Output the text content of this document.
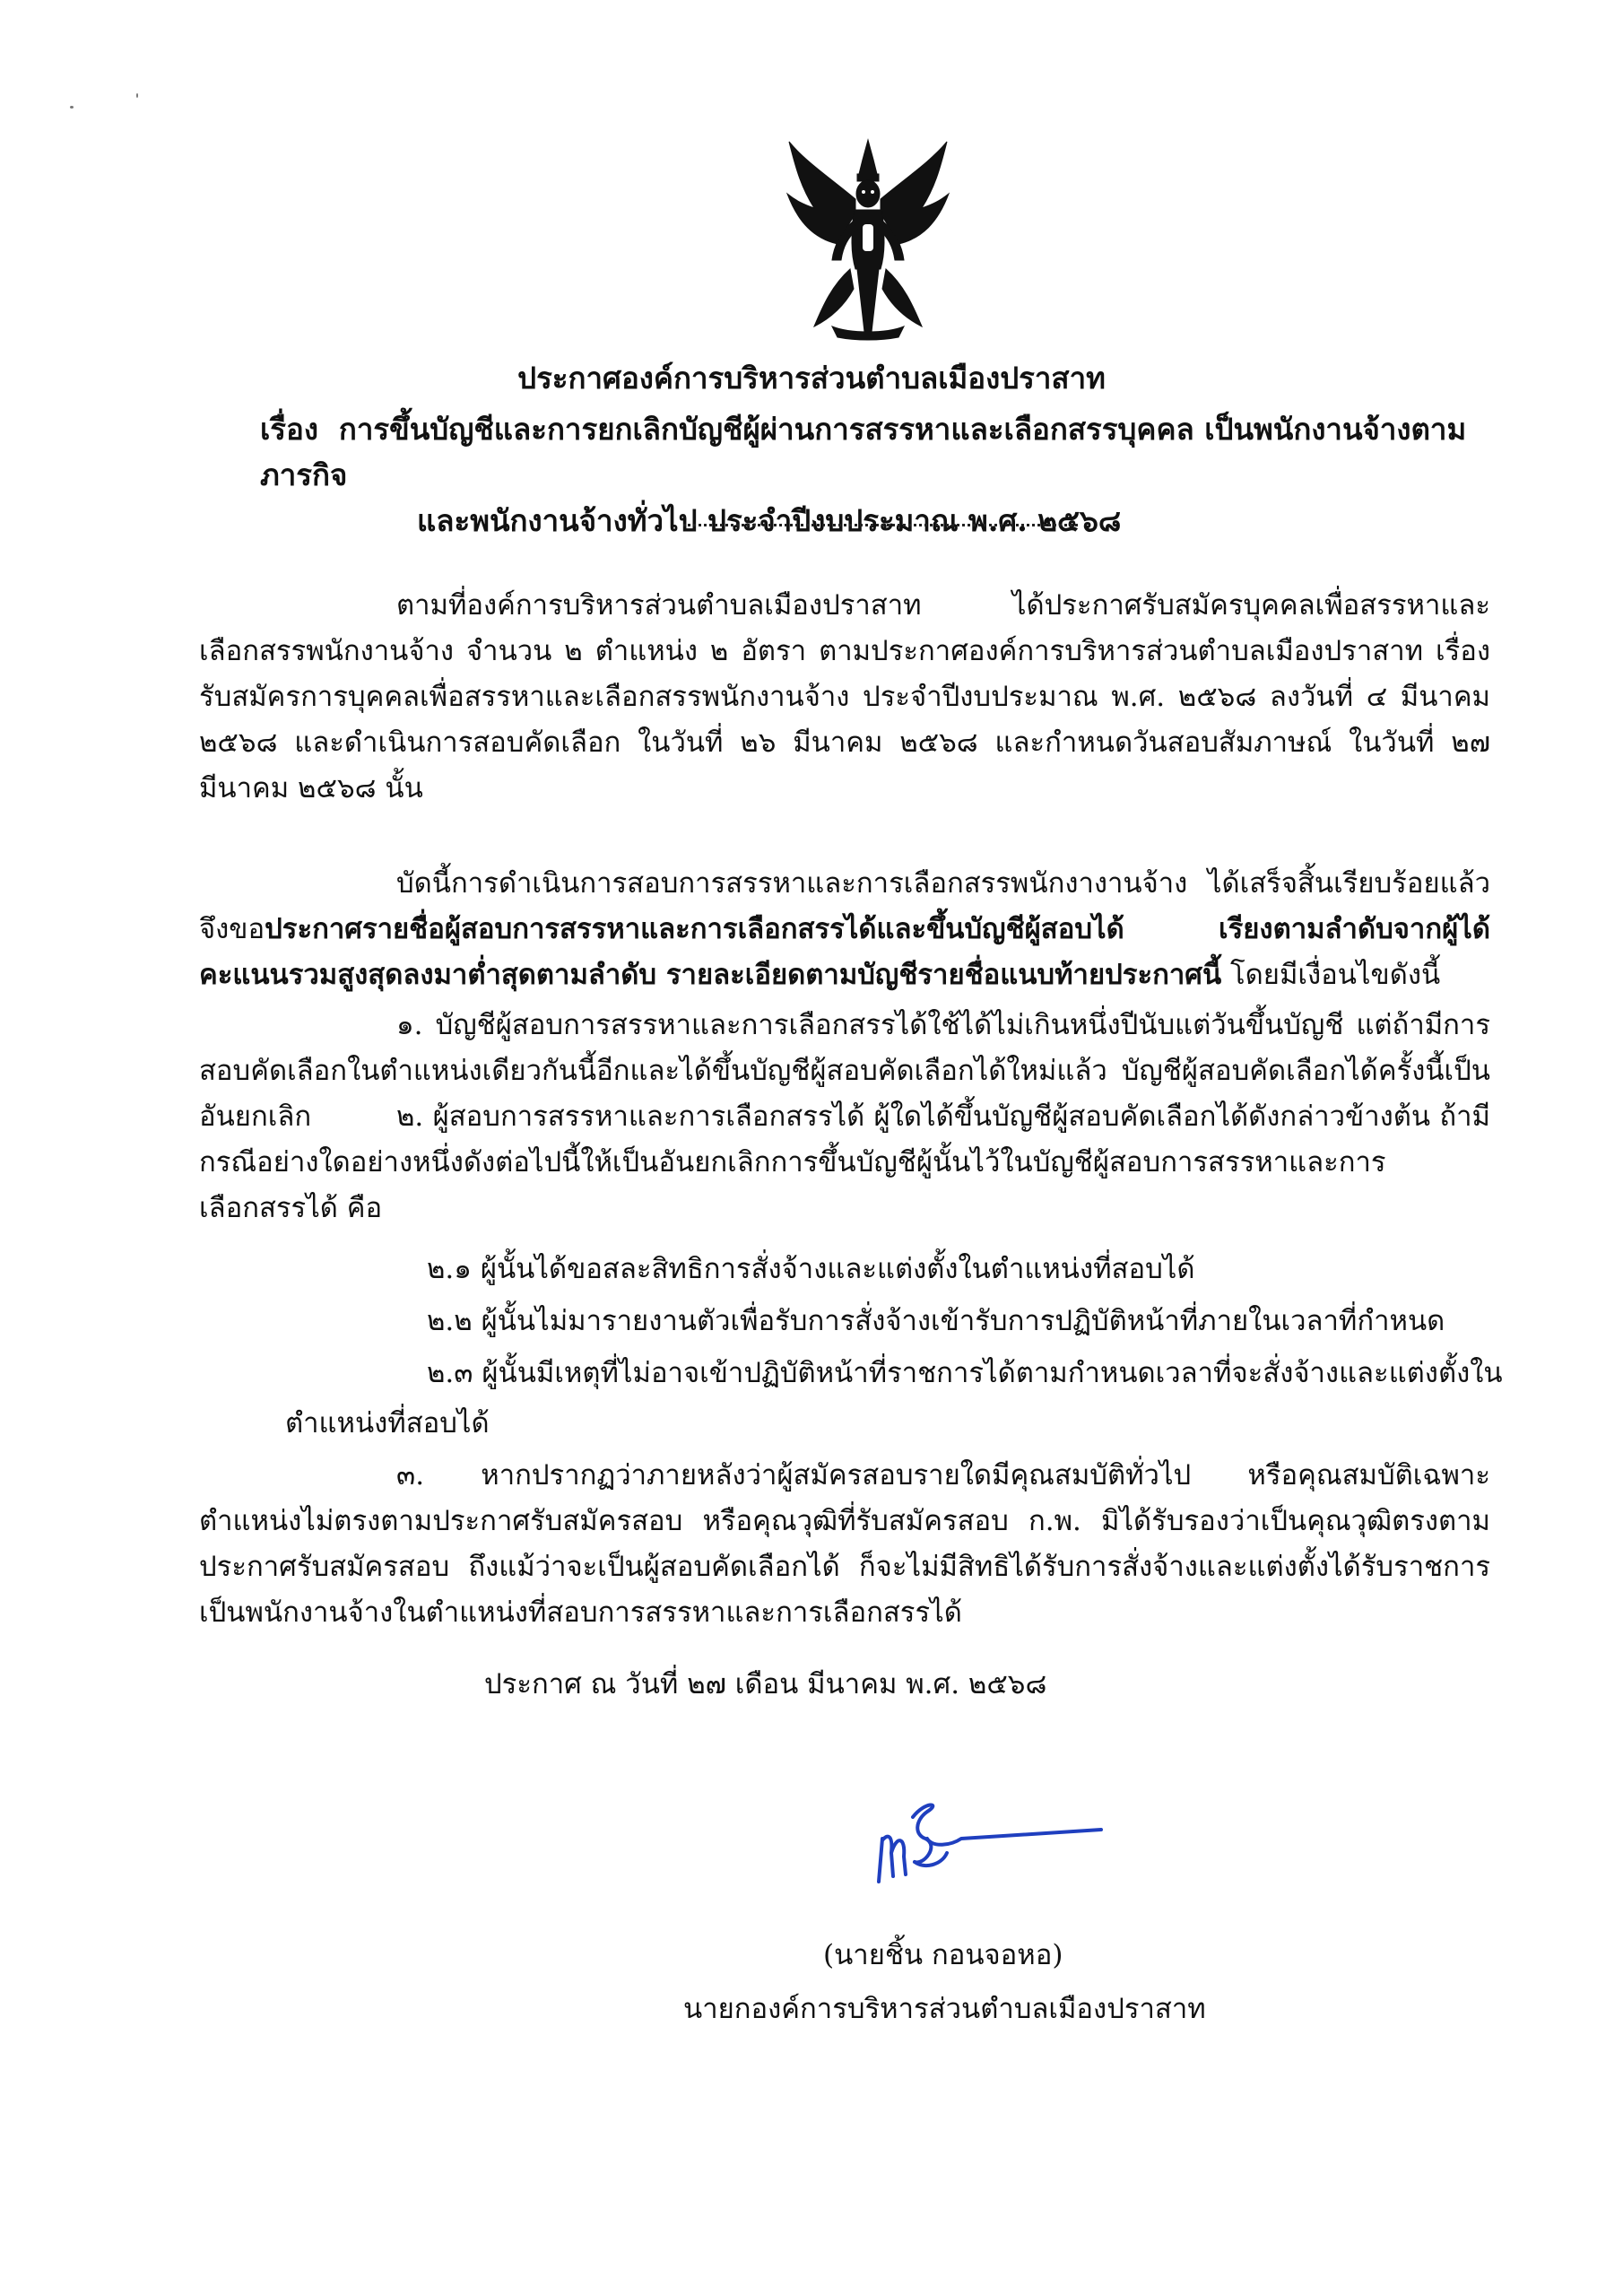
ประกาศองค์การบริหารส่วนตำบลเมืองปราสาท
เรื่อง การขึ้นบัญชีและการยกเลิกบัญชีผู้ผ่านการสรรหาและเลือกสรรบุคคล เป็นพนักงานจ้างตามภารกิจ
และพนักงานจ้างทั่วไป ประจำปีงบประมาณ พ.ศ. ๒๕๖๘
ตามที่องค์การบริหารส่วนตำบลเมืองปราสาท ได้ประกาศรับสมัครบุคคลเพื่อสรรหาและเลือกสรรพนักงานจ้าง จำนวน ๒ ตำแหน่ง ๒ อัตรา ตามประกาศองค์การบริหารส่วนตำบลเมืองปราสาท เรื่อง รับสมัครการบุคคลเพื่อสรรหาและเลือกสรรพนักงานจ้าง ประจำปีงบประมาณ พ.ศ. ๒๕๖๘ ลงวันที่ ๔ มีนาคม ๒๕๖๘ และดำเนินการสอบคัดเลือก ในวันที่ ๒๖ มีนาคม ๒๕๖๘ และกำหนดวันสอบสัมภาษณ์ ในวันที่ ๒๗ มีนาคม ๒๕๖๘ นั้น
บัดนี้การดำเนินการสอบการสรรหาและการเลือกสรรพนักงางานจ้าง ได้เสร็จสิ้นเรียบร้อยแล้ว จึงขอประกาศรายชื่อผู้สอบการสรรหาและการเลือกสรรได้และขึ้นบัญชีผู้สอบได้ เรียงตามลำดับจากผู้ได้คะแนนรวมสูงสุดลงมาต่ำสุดตามลำดับ รายละเอียดตามบัญชีรายชื่อแนบท้ายประกาศนี้ โดยมีเงื่อนไขดังนี้
๑. บัญชีผู้สอบการสรรหาและการเลือกสรรได้ใช้ได้ไม่เกินหนึ่งปีนับแต่วันขึ้นบัญชี แต่ถ้ามีการสอบคัดเลือกในตำแหน่งเดียวกันนี้อีกและได้ขึ้นบัญชีผู้สอบคัดเลือกได้ใหม่แล้ว บัญชีผู้สอบคัดเลือกได้ครั้งนี้เป็นอันยกเลิก	๒. ผู้สอบการสรรหาและการเลือกสรรได้ ผู้ใดได้ขึ้นบัญชีผู้สอบคัดเลือกได้ดังกล่าวข้างต้น ถ้ามีกรณีอย่างใดอย่างหนึ่งดังต่อไปนี้ให้เป็นอันยกเลิกการขึ้นบัญชีผู้นั้นไว้ในบัญชีผู้สอบการสรรหาและการเลือกสรรได้ คือ
๒.๑ ผู้นั้นได้ขอสละสิทธิการสั่งจ้างและแต่งตั้งในตำแหน่งที่สอบได้
๒.๒ ผู้นั้นไม่มารายงานตัวเพื่อรับการสั่งจ้างเข้ารับการปฏิบัติหน้าที่ภายในเวลาที่กำหนด
๒.๓ ผู้นั้นมีเหตุที่ไม่อาจเข้าปฏิบัติหน้าที่ราชการได้ตามกำหนดเวลาที่จะสั่งจ้างและแต่งตั้งใน
ตำแหน่งที่สอบได้
๓. หากปรากฏว่าภายหลังว่าผู้สมัครสอบรายใดมีคุณสมบัติทั่วไป หรือคุณสมบัติเฉพาะตำแหน่งไม่ตรงตามประกาศรับสมัครสอบ หรือคุณวุฒิที่รับสมัครสอบ ก.พ. มิได้รับรองว่าเป็นคุณวุฒิตรงตามประกาศรับสมัครสอบ ถึงแม้ว่าจะเป็นผู้สอบคัดเลือกได้ ก็จะไม่มีสิทธิได้รับการสั่งจ้างและแต่งตั้งได้รับราชการเป็นพนักงานจ้างในตำแหน่งที่สอบการสรรหาและการเลือกสรรได้
ประกาศ ณ วันที่ ๒๗ เดือน มีนาคม พ.ศ. ๒๕๖๘
(นายชิ้น กอนจอหอ)
นายกองค์การบริหารส่วนตำบลเมืองปราสาท
